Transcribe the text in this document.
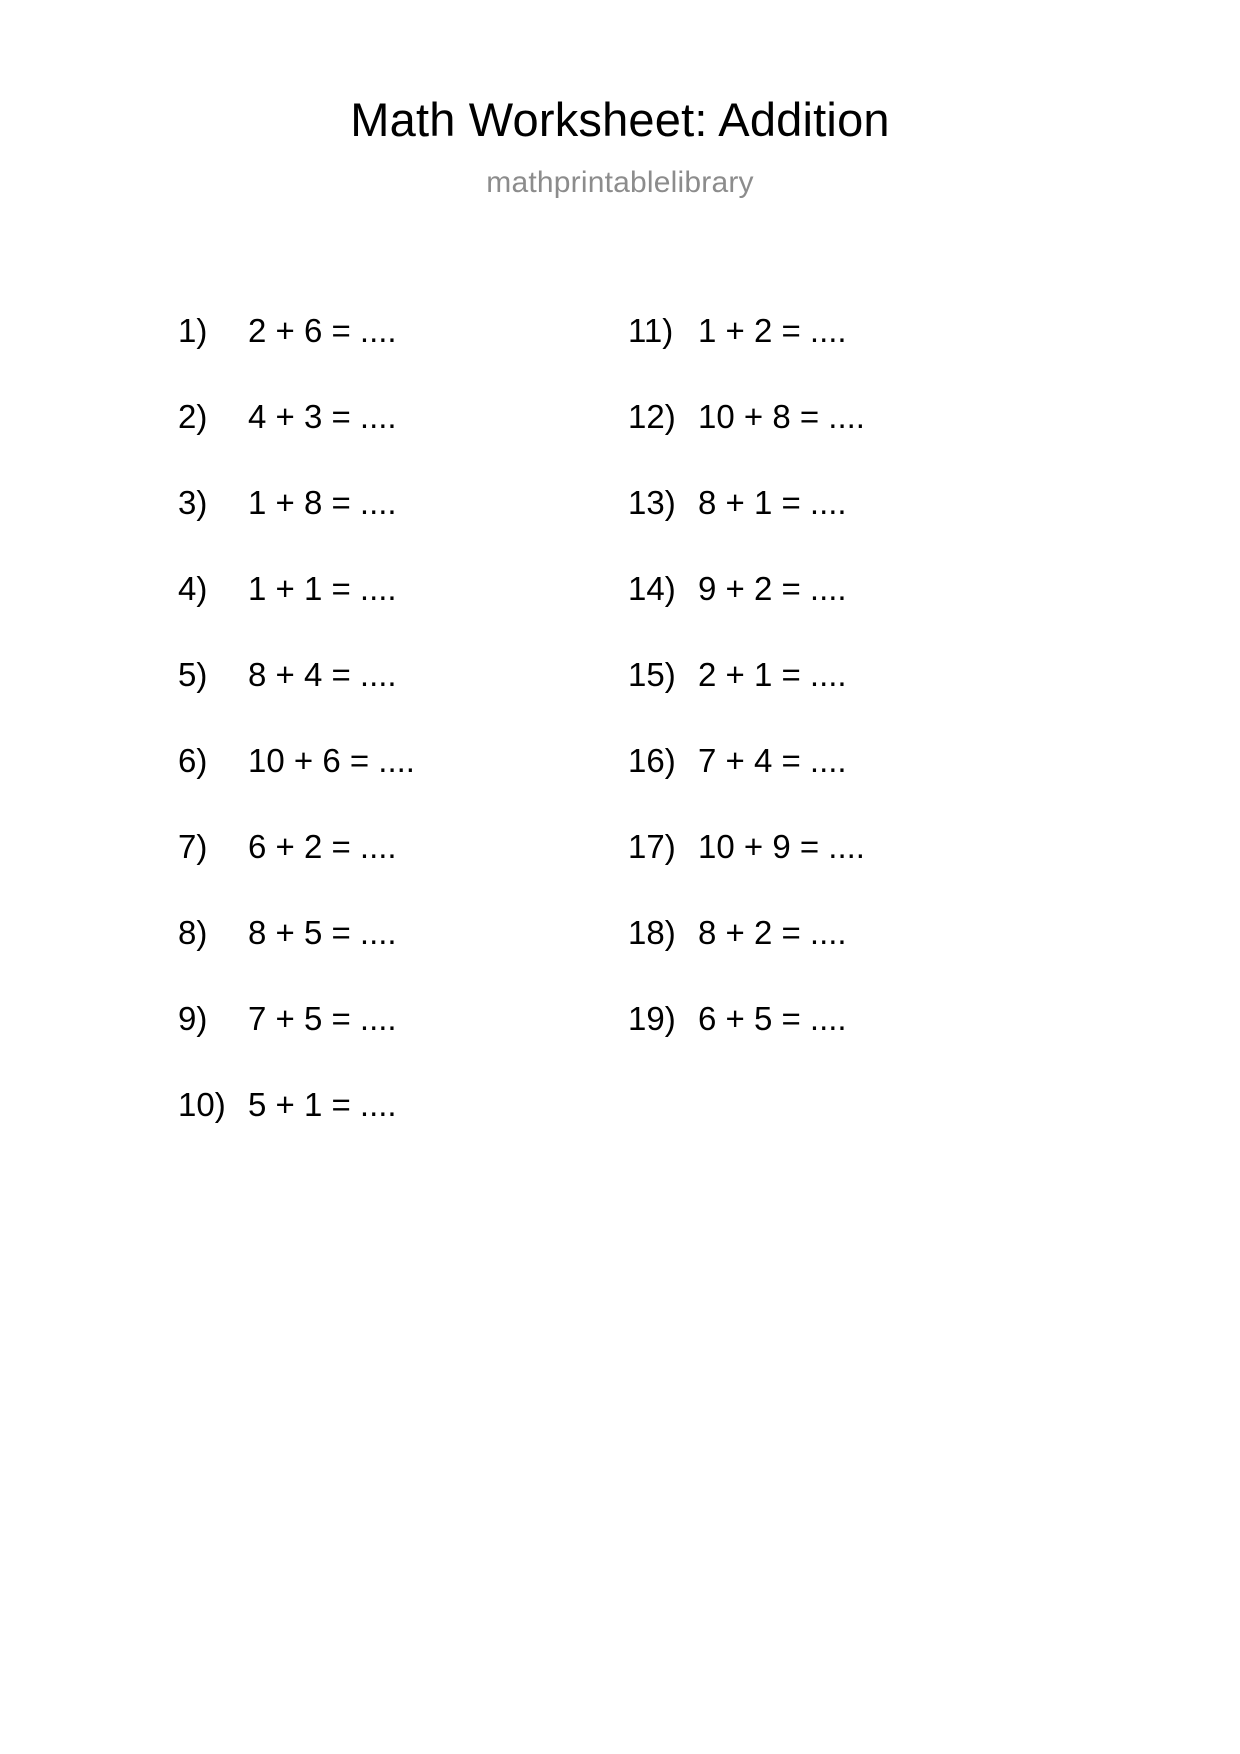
Math Worksheet: Addition
mathprintablelibrary
1)	2 + 6 = ....
2)	4 + 3 = ....
3)	1 + 8 = ....
4)	1 + 1 = ....
5)	8 + 4 = ....
6)	10 + 6 = ....
7)	6 + 2 = ....
8)	8 + 5 = ....
9)	7 + 5 = ....
10) 5 + 1 = ....
11) 1 + 2 = ....
12) 10 + 8 = ....
13) 8 + 1 = ....
14) 9 + 2 = ....
15) 2 + 1 = ....
16) 7 + 4 = ....
17) 10 + 9 = ....
18) 8 + 2 = ....
19) 6 + 5 = ....
